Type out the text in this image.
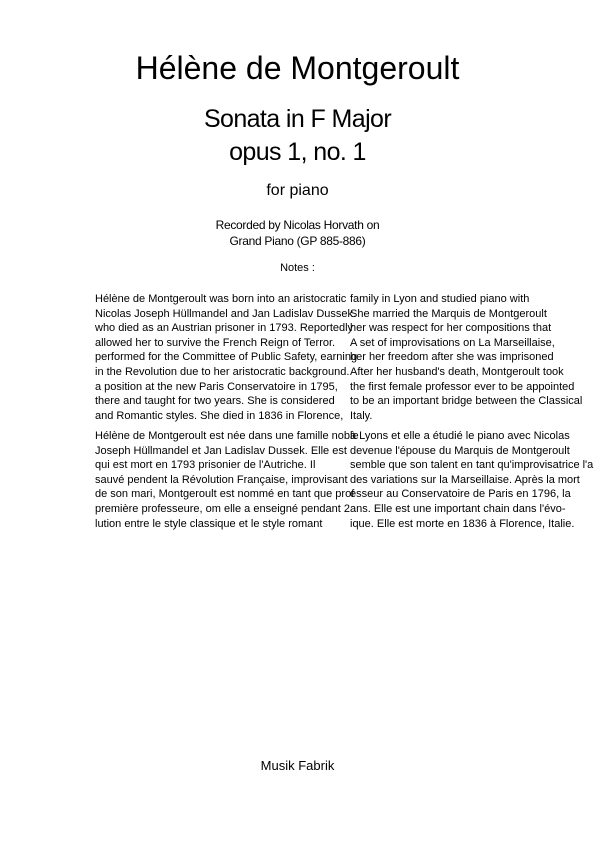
Hélène de Montgeroult
Sonata in F Major
opus 1, no. 1
for piano
Recorded by Nicolas Horvath on
Grand Piano (GP 885-886)
Notes :
Hélène de Montgeroult was born into an aristocratic
Nicolas Joseph Hüllmandel and Jan Ladislav Dussek.
who died as an Austrian prisoner in 1793. Reportedly
allowed her to survive the French Reign of Terror.
performed for the Committee of Public Safety, earning
in the Revolution due to her aristocratic background.
a position at the new Paris Conservatoire in 1795,
there and taught for two years. She is considered
and Romantic styles. She died in 1836 in Florence,
family in Lyon and studied piano with
She married the Marquis de Montgeroult
her was respect for her compositions that
A set of improvisations on La Marseillaise,
her her freedom after she was imprisoned
After her husband's death, Montgeroult took
the first female professor ever to be appointed
to be an important bridge between the Classical
Italy.
Hélène de Montgeroult est née dans une famille noble
Joseph Hüllmandel et Jan Ladislav Dussek. Elle est
qui est mort en 1793 prisonier de l'Autriche. Il
sauvé pendent la Révolution Française, improvisant
de son mari, Montgeroult est nommé en tant que prof
première professeure, om elle a enseigné pendant 2
lution entre le style classique et le style romant
à Lyons et elle a étudié le piano avec Nicolas
devenue l'épouse du Marquis de Montgeroult
semble que son talent en tant qu'improvisatrice l'a
des variations sur la Marseillaise. Après la mort
esseur au Conservatoire de Paris en 1796, la
ans. Elle est une important chain dans l'évo-
ique. Elle est morte en 1836 à Florence, Italie.
Musik Fabrik
